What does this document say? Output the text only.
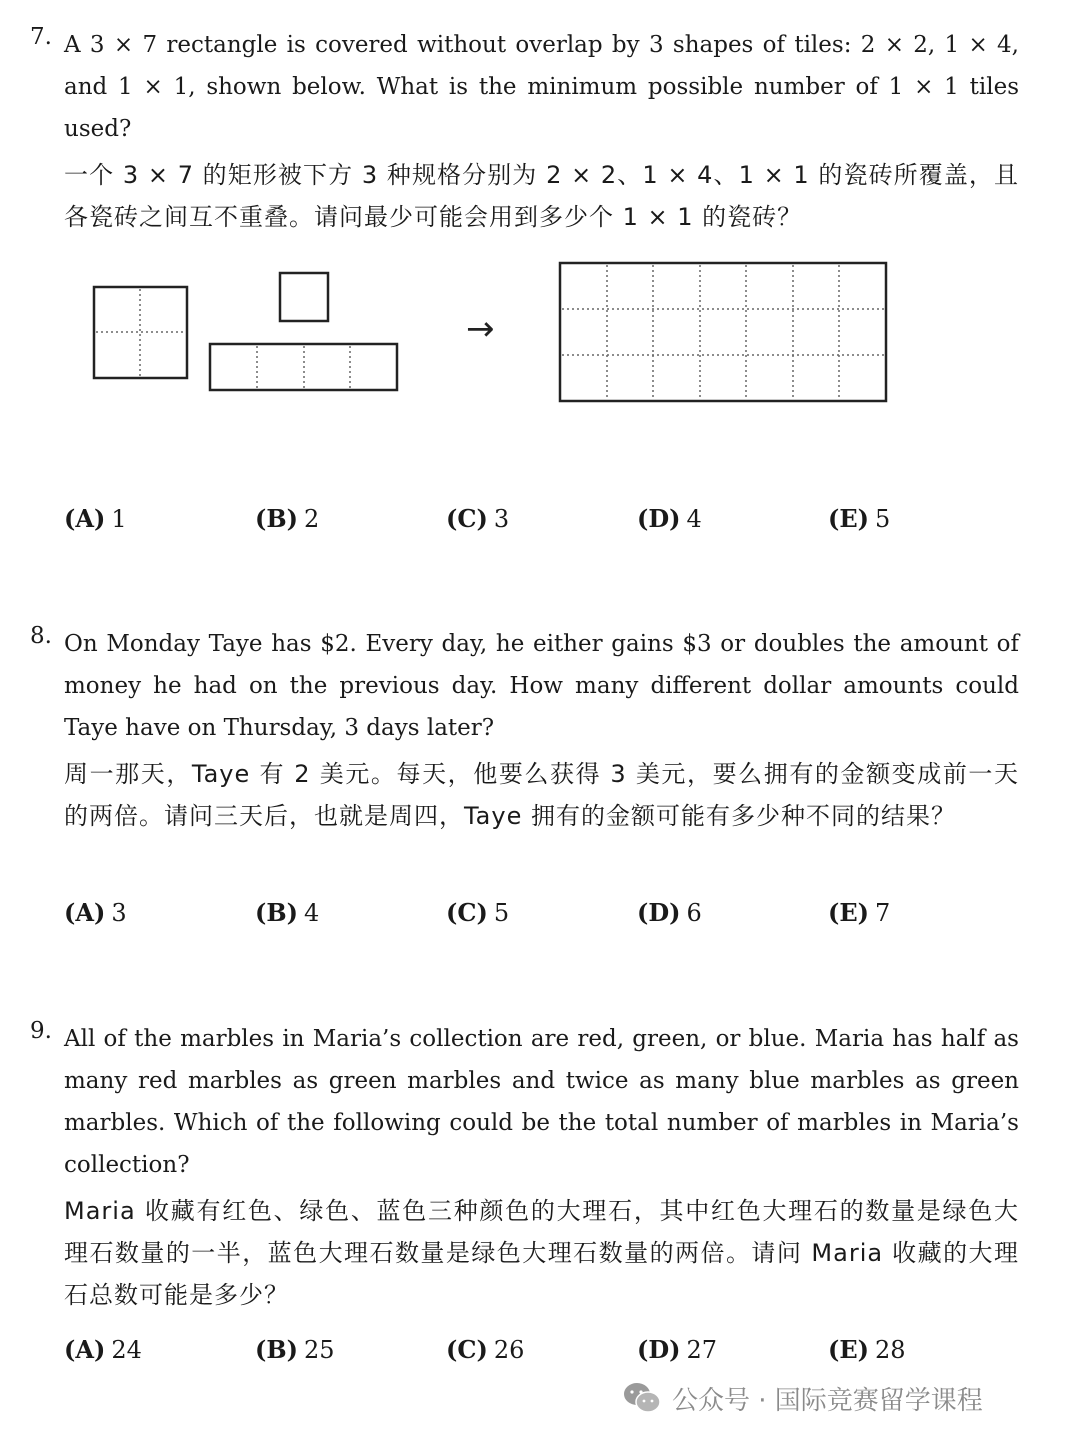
7. A 3 × 7 rectangle is covered without overlap by 3 shapes of tiles: 2 × 2, 1 × 4, and 1 × 1, shown below. What is the minimum possible number of 1 × 1 tiles used?

一个 3 × 7 的矩形被下方 3 种规格分别为 2 × 2、1 × 4、1 × 1 的瓷砖所覆盖，且各瓷砖之间互不重叠。请问最少可能会用到多少个 1 × 1 的瓷砖？

→
(A) 1	(B) 2	(C) 3	(D) 4	(E) 5
8. On Monday Taye has $2. Every day, he either gains $3 or doubles the amount of money he had on the previous day. How many different dollar amounts could Taye have on Thursday, 3 days later?

周一那天，Taye 有 2 美元。每天，他要么获得 3 美元，要么拥有的金额变成前一天的两倍。请问三天后，也就是周四，Taye 拥有的金额可能有多少种不同的结果？

(A) 3	(B) 4	(C) 5	(D) 6	(E) 7
9. All of the marbles in Maria’s collection are red, green, or blue. Maria has half as many red marbles as green marbles and twice as many blue marbles as green marbles. Which of the following could be the total number of marbles in Maria’s collection?

Maria 收藏有红色、绿色、蓝色三种颜色的大理石，其中红色大理石的数量是绿色大理石数量的一半，蓝色大理石数量是绿色大理石数量的两倍。请问 Maria 收藏的大理石总数可能是多少？

(A) 24	(B) 25	(C) 26	(D) 27	(E) 28
公众号 · 国际竞赛留学课程
